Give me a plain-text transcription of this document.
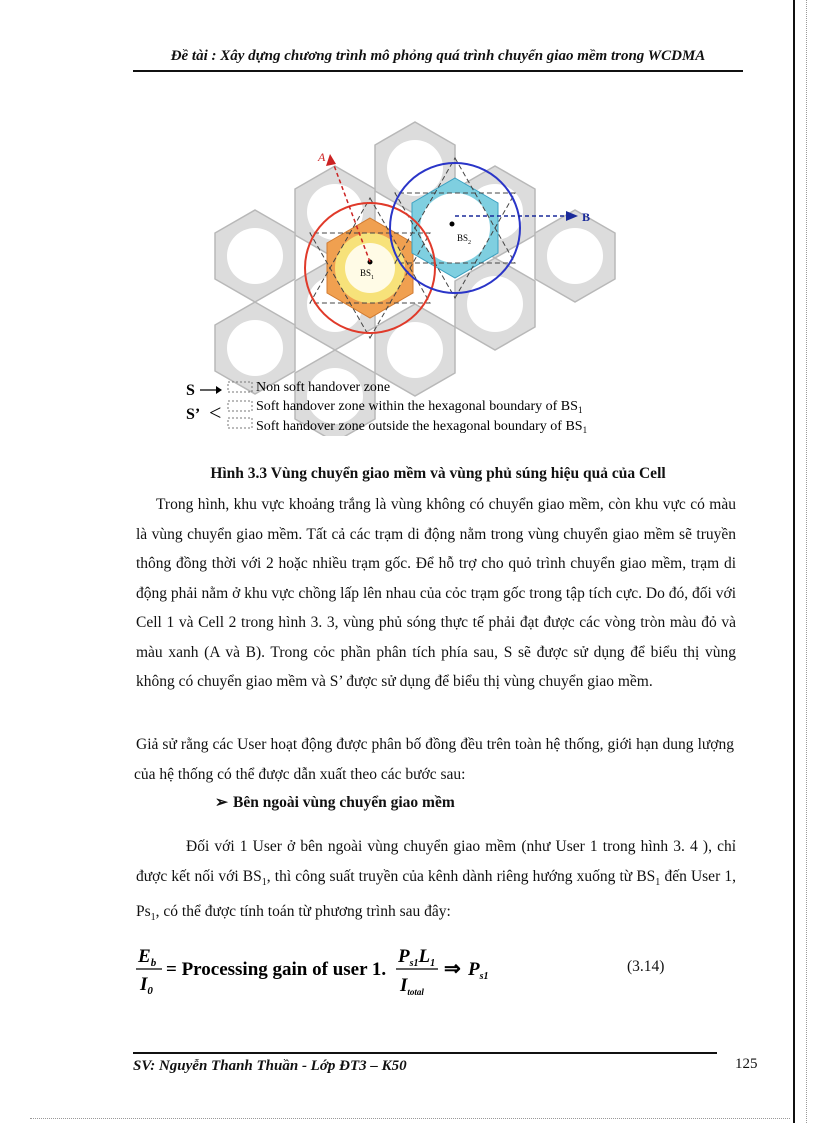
Đề tài : Xây dựng chương trình mô phỏng quá trình chuyển giao mềm trong WCDMA
$BS_1$
$BS_2$
A
B
S	Non soft handover zone
S’ < Soft handover zone within the hexagonal boundary of $BS_1$
Soft handover zone outside the hexagonal boundary of $BS_1$
Hình 3.3 Vùng chuyển giao mềm và vùng phủ súng hiệu quả của Cell
Trong hình, khu vực khoảng trắng là vùng không có chuyển giao mềm, còn khu vực có màu là vùng chuyển giao mềm. Tất cả các trạm di động nằm trong vùng chuyển giao mềm sẽ truyền thông đồng thời với 2 hoặc nhiều trạm gốc. Để hỗ trợ cho quỏ trình chuyển giao mềm, trạm di động phải nằm ở khu vực chồng lấp lên nhau của cỏc trạm gốc trong tập tích cực. Do đó, đối với Cell 1 và Cell 2 trong hình 3. 3, vùng phủ sóng thực tế phải đạt được các vòng tròn màu đỏ và màu xanh (A và B). Trong cỏc phần phân tích phía sau, S sẽ được sử dụng để biểu thị vùng không có chuyển giao mềm và S’ được sử dụng để biểu thị vùng chuyển giao mềm.
Giả sử rằng các User hoạt động được phân bố đồng đều trên toàn hệ thống, giới hạn dung lượng của hệ thống có thể được dẫn xuất theo các bước sau:
➢ Bên ngoài vùng chuyển giao mềm
Đối với 1 User ở bên ngoài vùng chuyển giao mềm (như User 1 trong hình 3. 4 ), chỉ được kết nối với $BS_1$, thì công suất truyền của kênh dành riêng hướng xuống từ $BS_1$ đến User 1, $Ps_1$, có thể được tính toán từ phương trình sau đây:
$E_b$
$I_0$
= Processing gain of user 1.
$P_{s1}L_1$
$I_{total}$
⇒ $P_{s1}$
(3.14)
SV: Nguyễn Thanh Thuần - Lớp ĐT3 – K50	125
